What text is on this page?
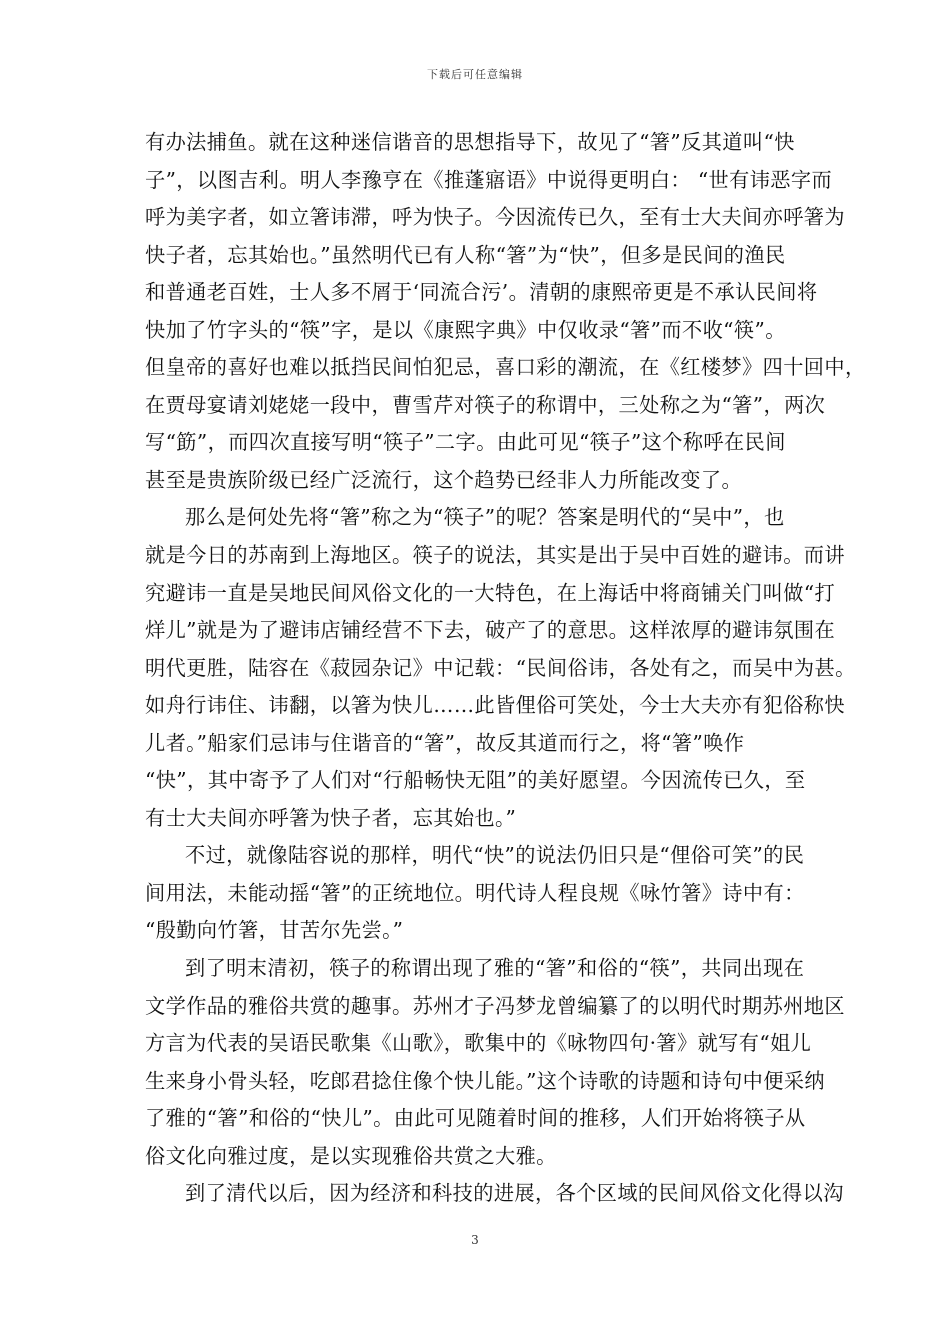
下载后可任意编辑
有办法捕鱼。就在这种迷信谐音的思想指导下，故见了“箸”反其道叫“快
子”，以图吉利。明人李豫亨在《推蓬寤语》中说得更明白： “世有讳恶字而
呼为美字者，如立箸讳滞，呼为快子。今因流传已久，至有士大夫间亦呼箸为
快子者，忘其始也。”虽然明代已有人称“箸”为“快”，但多是民间的渔民
和普通老百姓，士人多不屑于‘同流合污’。清朝的康熙帝更是不承认民间将
快加了竹字头的“筷”字，是以《康熙字典》中仅收录“箸”而不收“筷”。
但皇帝的喜好也难以抵挡民间怕犯忌，喜口彩的潮流，在《红楼梦》四十回中，
在贾母宴请刘姥姥一段中，曹雪芹对筷子的称谓中，三处称之为“箸”，两次
写“筯”，而四次直接写明“筷子”二字。由此可见“筷子”这个称呼在民间
甚至是贵族阶级已经广泛流行，这个趋势已经非人力所能改变了。
那么是何处先将“箸”称之为“筷子”的呢？答案是明代的“吴中”，也
就是今日的苏南到上海地区。筷子的说法，其实是出于吴中百姓的避讳。而讲
究避讳一直是吴地民间风俗文化的一大特色，在上海话中将商铺关门叫做“打
烊儿”就是为了避讳店铺经营不下去，破产了的意思。这样浓厚的避讳氛围在
明代更胜，陆容在《菽园杂记》中记载：“民间俗讳，各处有之，而吴中为甚。
如舟行讳住、讳翻，以箸为快儿……此皆俚俗可笑处，今士大夫亦有犯俗称快
儿者。”船家们忌讳与住谐音的“箸”，故反其道而行之，将“箸”唤作
“快”，其中寄予了人们对“行船畅快无阻”的美好愿望。今因流传已久，至
有士大夫间亦呼箸为快子者，忘其始也。”
不过，就像陆容说的那样，明代“快”的说法仍旧只是“俚俗可笑”的民
间用法，未能动摇“箸”的正统地位。明代诗人程良规《咏竹箸》诗中有：
“殷勤向竹箸，甘苦尔先尝。”
到了明末清初，筷子的称谓出现了雅的“箸”和俗的“筷”，共同出现在
文学作品的雅俗共赏的趣事。苏州才子冯梦龙曾编纂了的以明代时期苏州地区
方言为代表的吴语民歌集《山歌》，歌集中的《咏物四句·箸》就写有“姐儿
生来身小骨头轻，吃郎君捻住像个快儿能。”这个诗歌的诗题和诗句中便采纳
了雅的“箸”和俗的“快儿”。由此可见随着时间的推移，人们开始将筷子从
俗文化向雅过度，是以实现雅俗共赏之大雅。
到了清代以后，因为经济和科技的进展，各个区域的民间风俗文化得以沟
3
